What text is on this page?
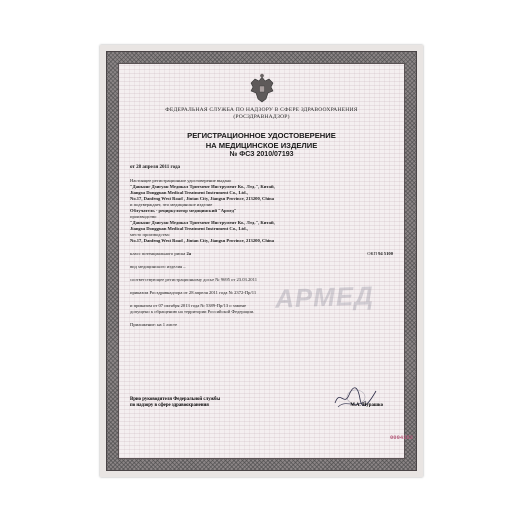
ФЕДЕРАЛЬНАЯ СЛУЖБА ПО НАДЗОРУ В СФЕРЕ ЗДРАВООХРАНЕНИЯ
(РОСЗДРАВНАДЗОР)
РЕГИСТРАЦИОННОЕ УДОСТОВЕРЕНИЕ
НА МЕДИЦИНСКОЕ ИЗДЕЛИЕ
№ ФСЗ 2010/07193
от 28 апреля 2011 года
Настоящее регистрационное удостоверение выдано
"Даньянг Дзигуан Медикал Тритмент Инструмент Ко., Лтд.", Китай,
Jiangsu Dongguan Medical Treatment Instrument Co., Ltd.,
No.17, Danfeng West Road , Jintan City, Jiangsu Province, 213200, China
и подтверждает, что медицинское изделие
Облучатель - рециркулятор медицинский "Армед"
производство
"Даньянг Дзигуан Медикал Тритмент Инструмент Ко., Лтд.", Китай,
Jiangsu Dongguan Medical Treatment Instrument Co., Ltd.,
место производства:
No.17, Danfeng West Road , Jintan City, Jiangsu Province, 213200, China
класс потенциального риска 2а	ОКП 94 5100
вид медицинского изделия –
соответствующее регистрационному досье № 9695 от 23.03.2011
приказом Росздравнадзора от 28 апреля 2011 года № 2372-Пр/11
и приказом от 07 октября 2013 года № 5389-Пр/13 о замене
допущено к обращению на территории Российской Федерации.
Приложение: на 1 листе
АРМЕД
Врио руководителя Федеральной службы
по надзору в сфере здравоохранения	М.А. Мурашко
0004352
